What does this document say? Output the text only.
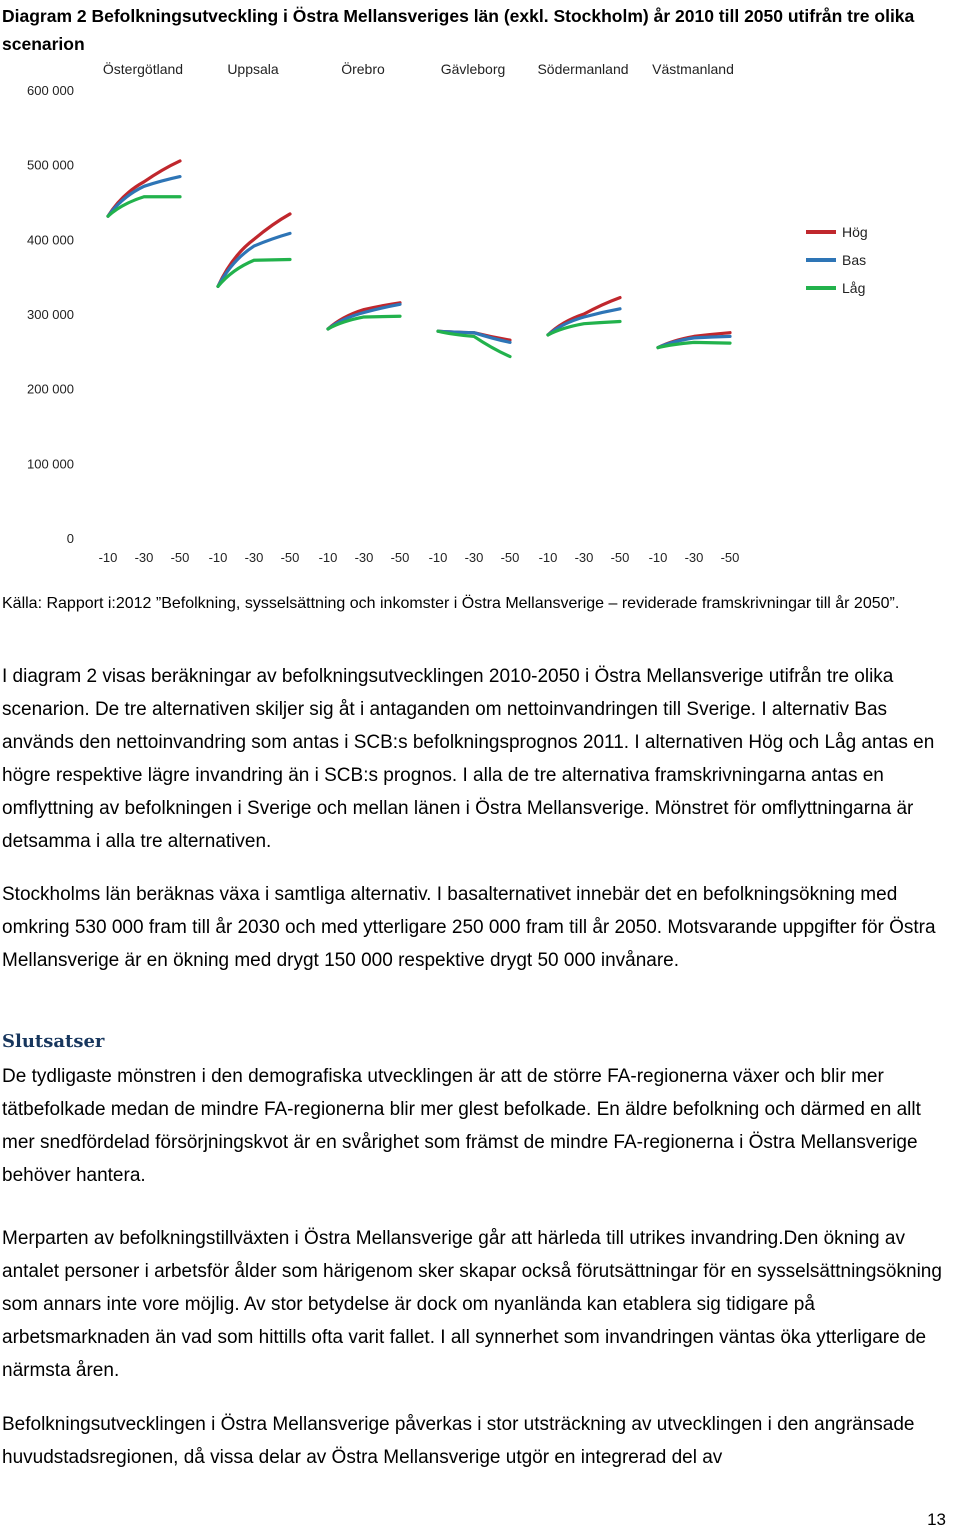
Diagram 2 Befolkningsutveckling i Östra Mellansveriges län (exkl. Stockholm) år 2010 till 2050 utifrån tre olika scenarion
0
100 000
200 000
300 000
400 000
500 000
600 000
Östergötland
-10 -30 -50
Uppsala
-10 -30 -50
Örebro
-10 -30 -50
Gävleborg
-10 -30 -50
Södermanland
-10 -30 -50
Västmanland
-10 -30 -50
Hög
Bas
Låg
Källa: Rapport i:2012 ”Befolkning, sysselsättning och inkomster i Östra Mellansverige – reviderade framskrivningar till år 2050”.
I diagram 2 visas beräkningar av befolkningsutvecklingen 2010-2050 i Östra Mellansverige utifrån tre olika scenarion. De tre alternativen skiljer sig åt i antaganden om nettoinvandringen till Sverige. I alternativ Bas används den nettoinvandring som antas i SCB:s befolkningsprognos 2011. I alternativen Hög och Låg antas en högre respektive lägre invandring än i SCB:s prognos. I alla de tre alternativa framskrivningarna antas en omflyttning av befolkningen i Sverige och mellan länen i Östra Mellansverige. Mönstret för omflyttningarna är detsamma i alla tre alternativen.
Stockholms län beräknas växa i samtliga alternativ. I basalternativet innebär det en befolkningsökning med omkring 530 000 fram till år 2030 och med ytterligare 250 000 fram till år 2050. Motsvarande uppgifter för Östra Mellansverige är en ökning med drygt 150 000 respektive drygt 50 000 invånare.
Slutsatser
De tydligaste mönstren i den demografiska utvecklingen är att de större FA-regionerna växer och blir mer tätbefolkade medan de mindre FA-regionerna blir mer glest befolkade. En äldre befolkning och därmed en allt mer snedfördelad försörjningskvot är en svårighet som främst de mindre FA-regionerna i Östra Mellansverige behöver hantera.
Merparten av befolkningstillväxten i Östra Mellansverige går att härleda till utrikes invandring.Den ökning av antalet personer i arbetsför ålder som härigenom sker skapar också förutsättningar för en sysselsättningsökning som annars inte vore möjlig. Av stor betydelse är dock om nyanlända kan etablera sig tidigare på arbetsmarknaden än vad som hittills ofta varit fallet. I all synnerhet som invandringen väntas öka ytterligare de närmsta åren.
Befolkningsutvecklingen i Östra Mellansverige påverkas i stor utsträckning av utvecklingen i den angränsade huvudstadsregionen, då vissa delar av Östra Mellansverige utgör en integrerad del av
13
